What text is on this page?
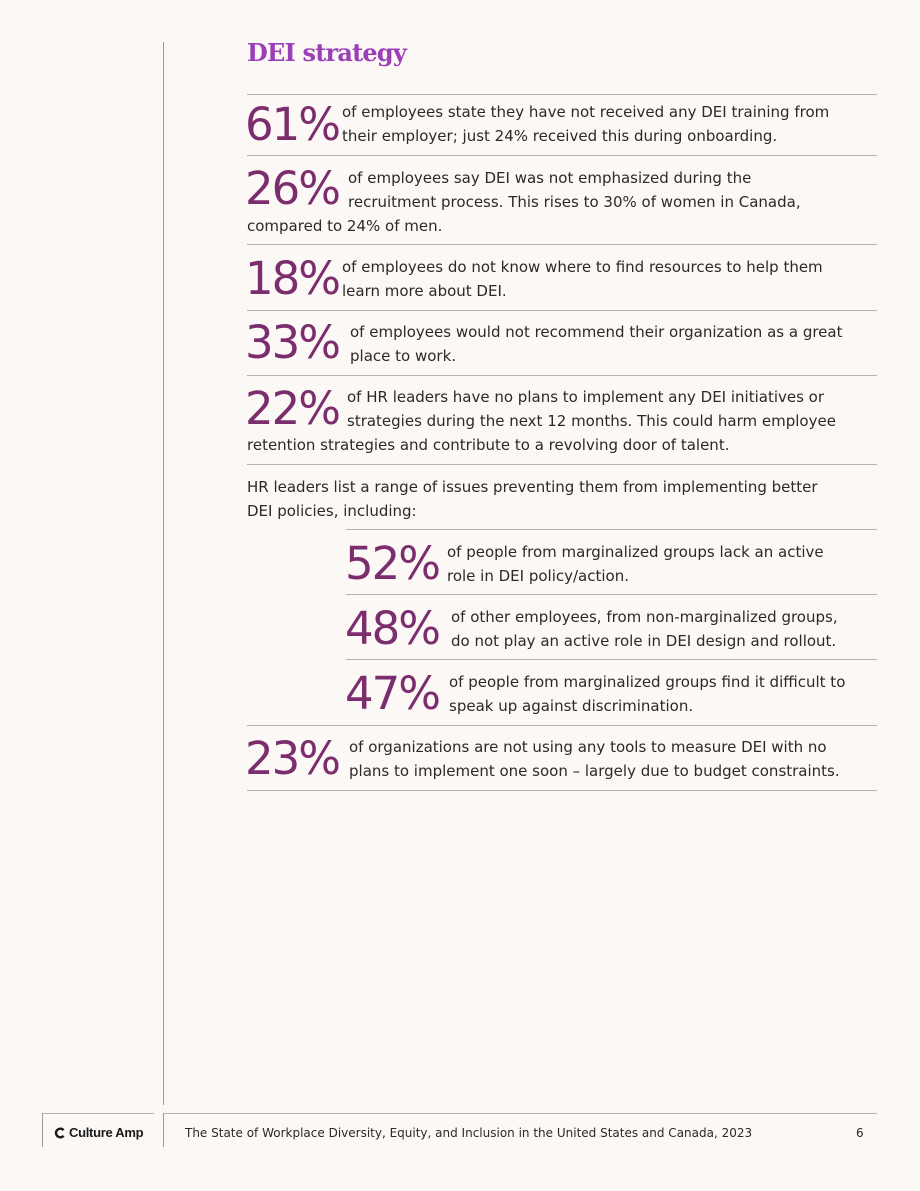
DEI strategy
61% of employees state they have not received any DEI training from
their employer; just 24% received this during onboarding.
26% of employees say DEI was not emphasized during the
recruitment process. This rises to 30% of women in Canada,
compared to 24% of men.
18% of employees do not know where to find resources to help them
learn more about DEI.
33% of employees would not recommend their organization as a great
place to work.
22% of HR leaders have no plans to implement any DEI initiatives or
strategies during the next 12 months. This could harm employee
retention strategies and contribute to a revolving door of talent.
HR leaders list a range of issues preventing them from implementing better
DEI policies, including:
52% of people from marginalized groups lack an active
role in DEI policy/action.
48% of other employees, from non-marginalized groups,
do not play an active role in DEI design and rollout.
47% of people from marginalized groups find it difficult to
speak up against discrimination.
23% of organizations are not using any tools to measure DEI with no
plans to implement one soon – largely due to budget constraints.
Culture Amp	The State of Workplace Diversity, Equity, and Inclusion in the United States and Canada, 2023	6
